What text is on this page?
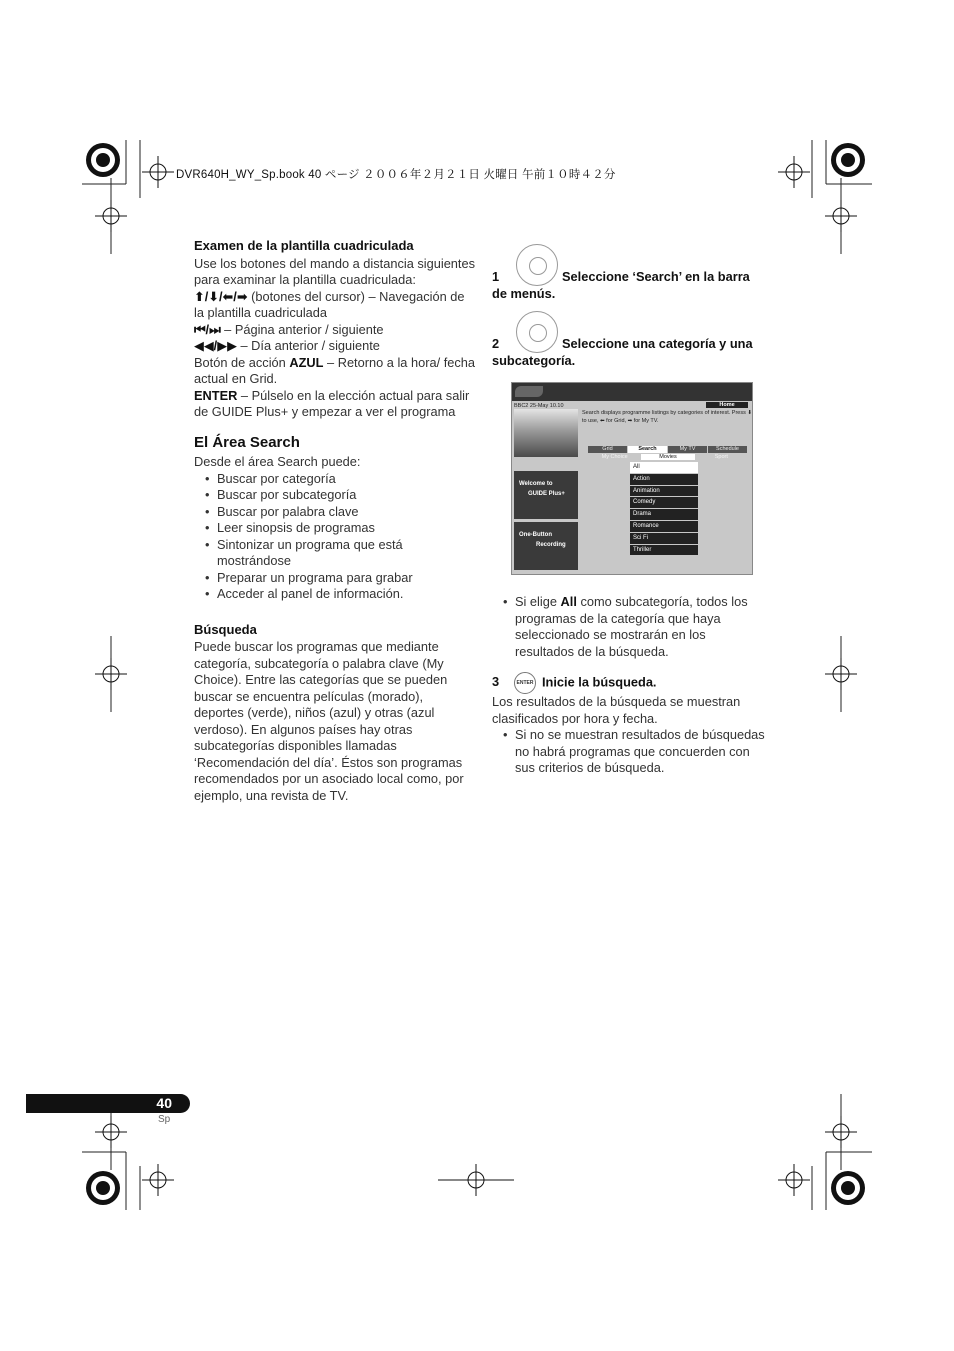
DVR640H_WY_Sp.book 40 ページ ２００６年２月２１日 火曜日 午前１０時４２分
Examen de la plantilla cuadriculada

Use los botones del mando a distancia siguientes para examinar la plantilla cuadriculada:

⬆/⬇/⬅/➡ (botones del cursor) – Navegación de la plantilla cuadriculada

⏮/⏭ – Página anterior / siguiente

◀◀/▶▶ – Día anterior / siguiente

Botón de acción AZUL – Retorno a la hora/ fecha actual en Grid.

ENTER – Púlselo en la elección actual para salir de GUIDE Plus+ y empezar a ver el programa

El Área Search

Desde el área Search puede:

• Buscar por categoría
• Buscar por subcategoría
• Buscar por palabra clave
• Leer sinopsis de programas
• Sintonizar un programa que está mostrándose
• Preparar un programa para grabar
• Acceder al panel de información.
Búsqueda

Puede buscar los programas que mediante categoría, subcategoría o palabra clave (My Choice). Entre las categorías que se pueden buscar se encuentra películas (morado), deportes (verde), niños (azul) y otras (azul verdoso). En algunos países hay otras subcategorías disponibles llamadas ‘Recomendación del día’. Éstos son programas recomendados por un asociado local como, por ejemplo, una revista de TV.

1	Seleccione ‘Search’ en la barra de menús.
2	Seleccione una categoría y una subcategoría.
• Si elige All como subcategoría, todos los programas de la categoría que haya seleccionado se mostrarán en los resultados de la búsqueda.
3	ENTER Inicie la búsqueda.

Los resultados de la búsqueda se muestran clasificados por hora y fecha.

• Si no se muestran resultados de búsquedas no habrá programas que concuerden con sus criterios de búsqueda.
Home
BBC2 25-May 10.10
Search displays programme listings by categories of interest. Press ⬇ to use, ⬅ for Grid, ➡ for My TV.
Grid	Search	My TV	Schedule
My Choice	Movies	Sport
All
Action
Animation
Comedy
Drama
Romance
Sci Fi
Thriller
Welcome to
GUIDE Plus+
One-Button
Recording
40
Sp
